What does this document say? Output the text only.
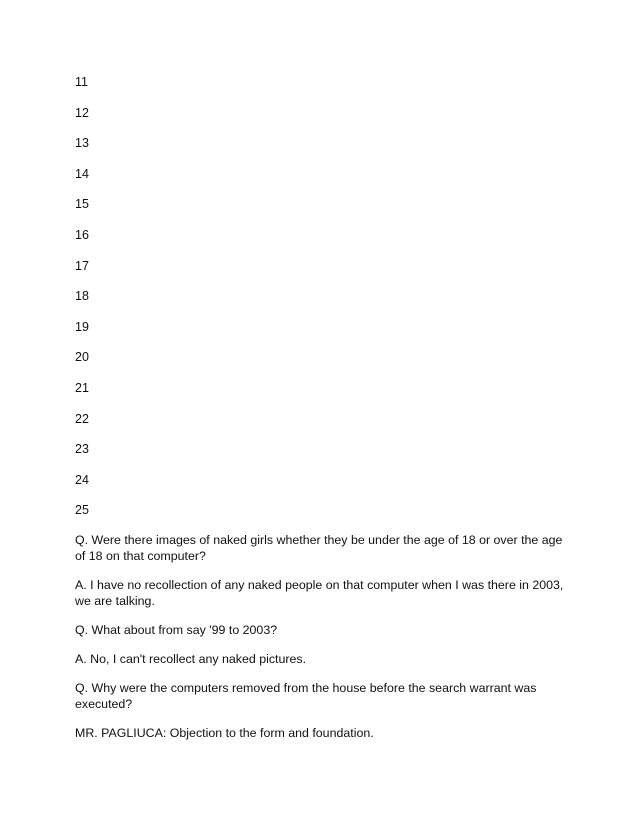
11
12
13
14
15
16
17
18
19
20
21
22
23
24
25

Q. Were there images of naked girls whether they be under the age of 18 or over the age of 18 on that computer?

A. I have no recollection of any naked people on that computer when I was there in 2003, we are talking.

Q. What about from say '99 to 2003?

A. No, I can't recollect any naked pictures.

Q. Why were the computers removed from the house before the search warrant was executed?

MR. PAGLIUCA: Objection to the form and foundation.
